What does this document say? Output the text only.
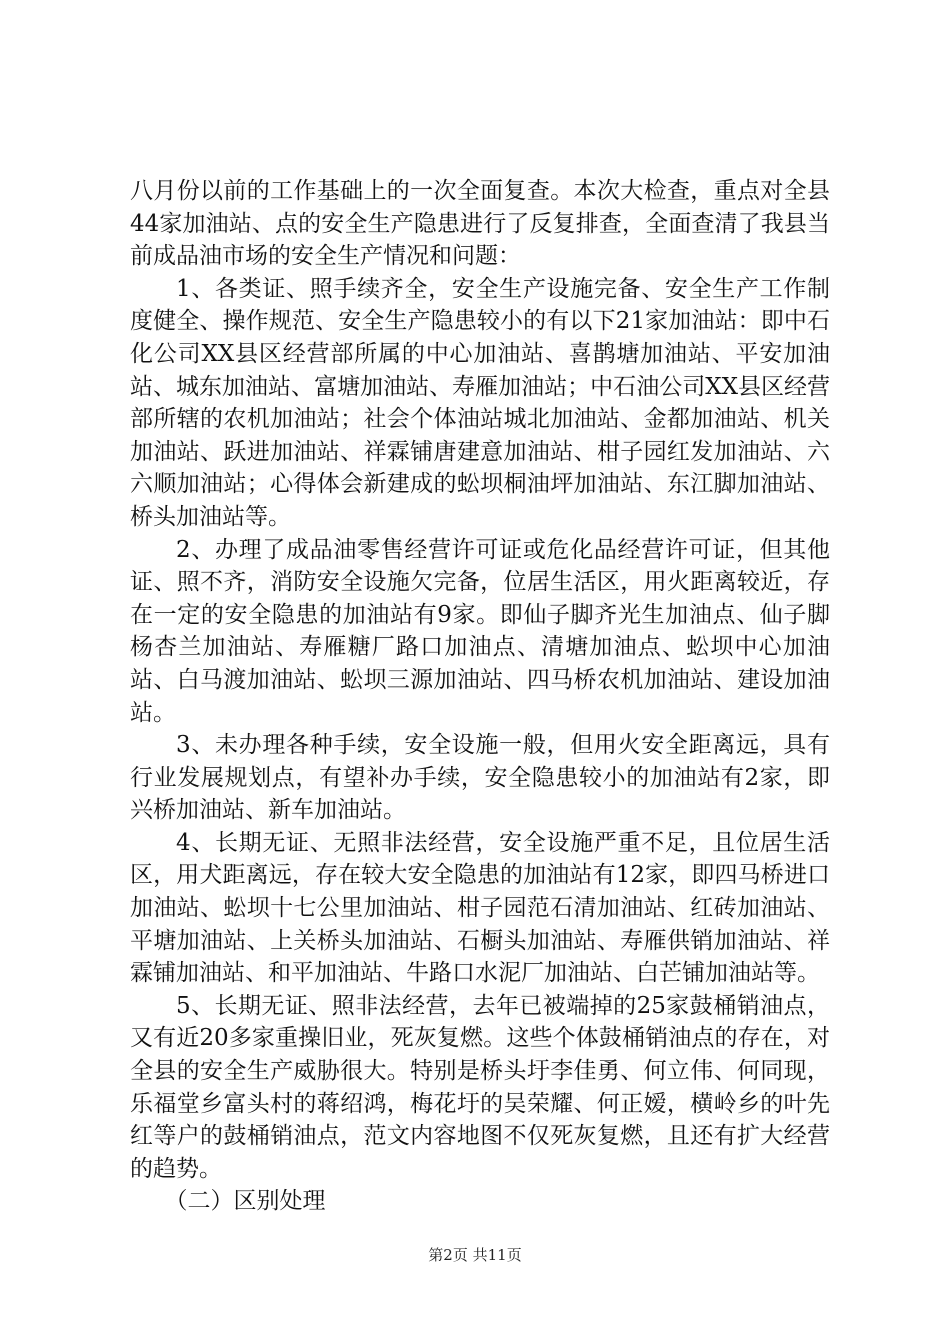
八月份以前的工作基础上的一次全面复查。本次大检查，重点对全县44家加油站、点的安全生产隐患进行了反复排查，全面查清了我县当前成品油市场的安全生产情况和问题：

1、各类证、照手续齐全，安全生产设施完备、安全生产工作制度健全、操作规范、安全生产隐患较小的有以下21家加油站：即中石化公司XX县区经营部所属的中心加油站、喜鹊塘加油站、平安加油站、城东加油站、富塘加油站、寿雁加油站；中石油公司XX县区经营部所辖的农机加油站；社会个体油站城北加油站、金都加油站、机关加油站、跃进加油站、祥霖铺唐建意加油站、柑子园红发加油站、六六顺加油站；心得体会新建成的蚣坝桐油坪加油站、东江脚加油站、桥头加油站等。

2、办理了成品油零售经营许可证或危化品经营许可证，但其他证、照不齐，消防安全设施欠完备，位居生活区，用火距离较近，存在一定的安全隐患的加油站有9家。即仙子脚齐光生加油点、仙子脚杨杏兰加油站、寿雁糖厂路口加油点、清塘加油点、蚣坝中心加油站、白马渡加油站、蚣坝三源加油站、四马桥农机加油站、建设加油站。

3、未办理各种手续，安全设施一般，但用火安全距离远，具有行业发展规划点，有望补办手续，安全隐患较小的加油站有2家，即兴桥加油站、新车加油站。

4、长期无证、无照非法经营，安全设施严重不足，且位居生活区，用犬距离远，存在较大安全隐患的加油站有12家，即四马桥进口加油站、蚣坝十七公里加油站、柑子园范石清加油站、红砖加油站、平塘加油站、上关桥头加油站、石橱头加油站、寿雁供销加油站、祥霖铺加油站、和平加油站、牛路口水泥厂加油站、白芒铺加油站等。

5、长期无证、照非法经营，去年已被端掉的25家鼓桶销油点，又有近20多家重操旧业，死灰复燃。这些个体鼓桶销油点的存在，对全县的安全生产威胁很大。特别是桥头圩李佳勇、何立伟、何同现，乐福堂乡富头村的蒋绍鸿，梅花圩的吴荣耀、何正嫒，横岭乡的叶先红等户的鼓桶销油点，范文内容地图不仅死灰复燃，且还有扩大经营的趋势。

（二）区别处理

第2页 共11页
